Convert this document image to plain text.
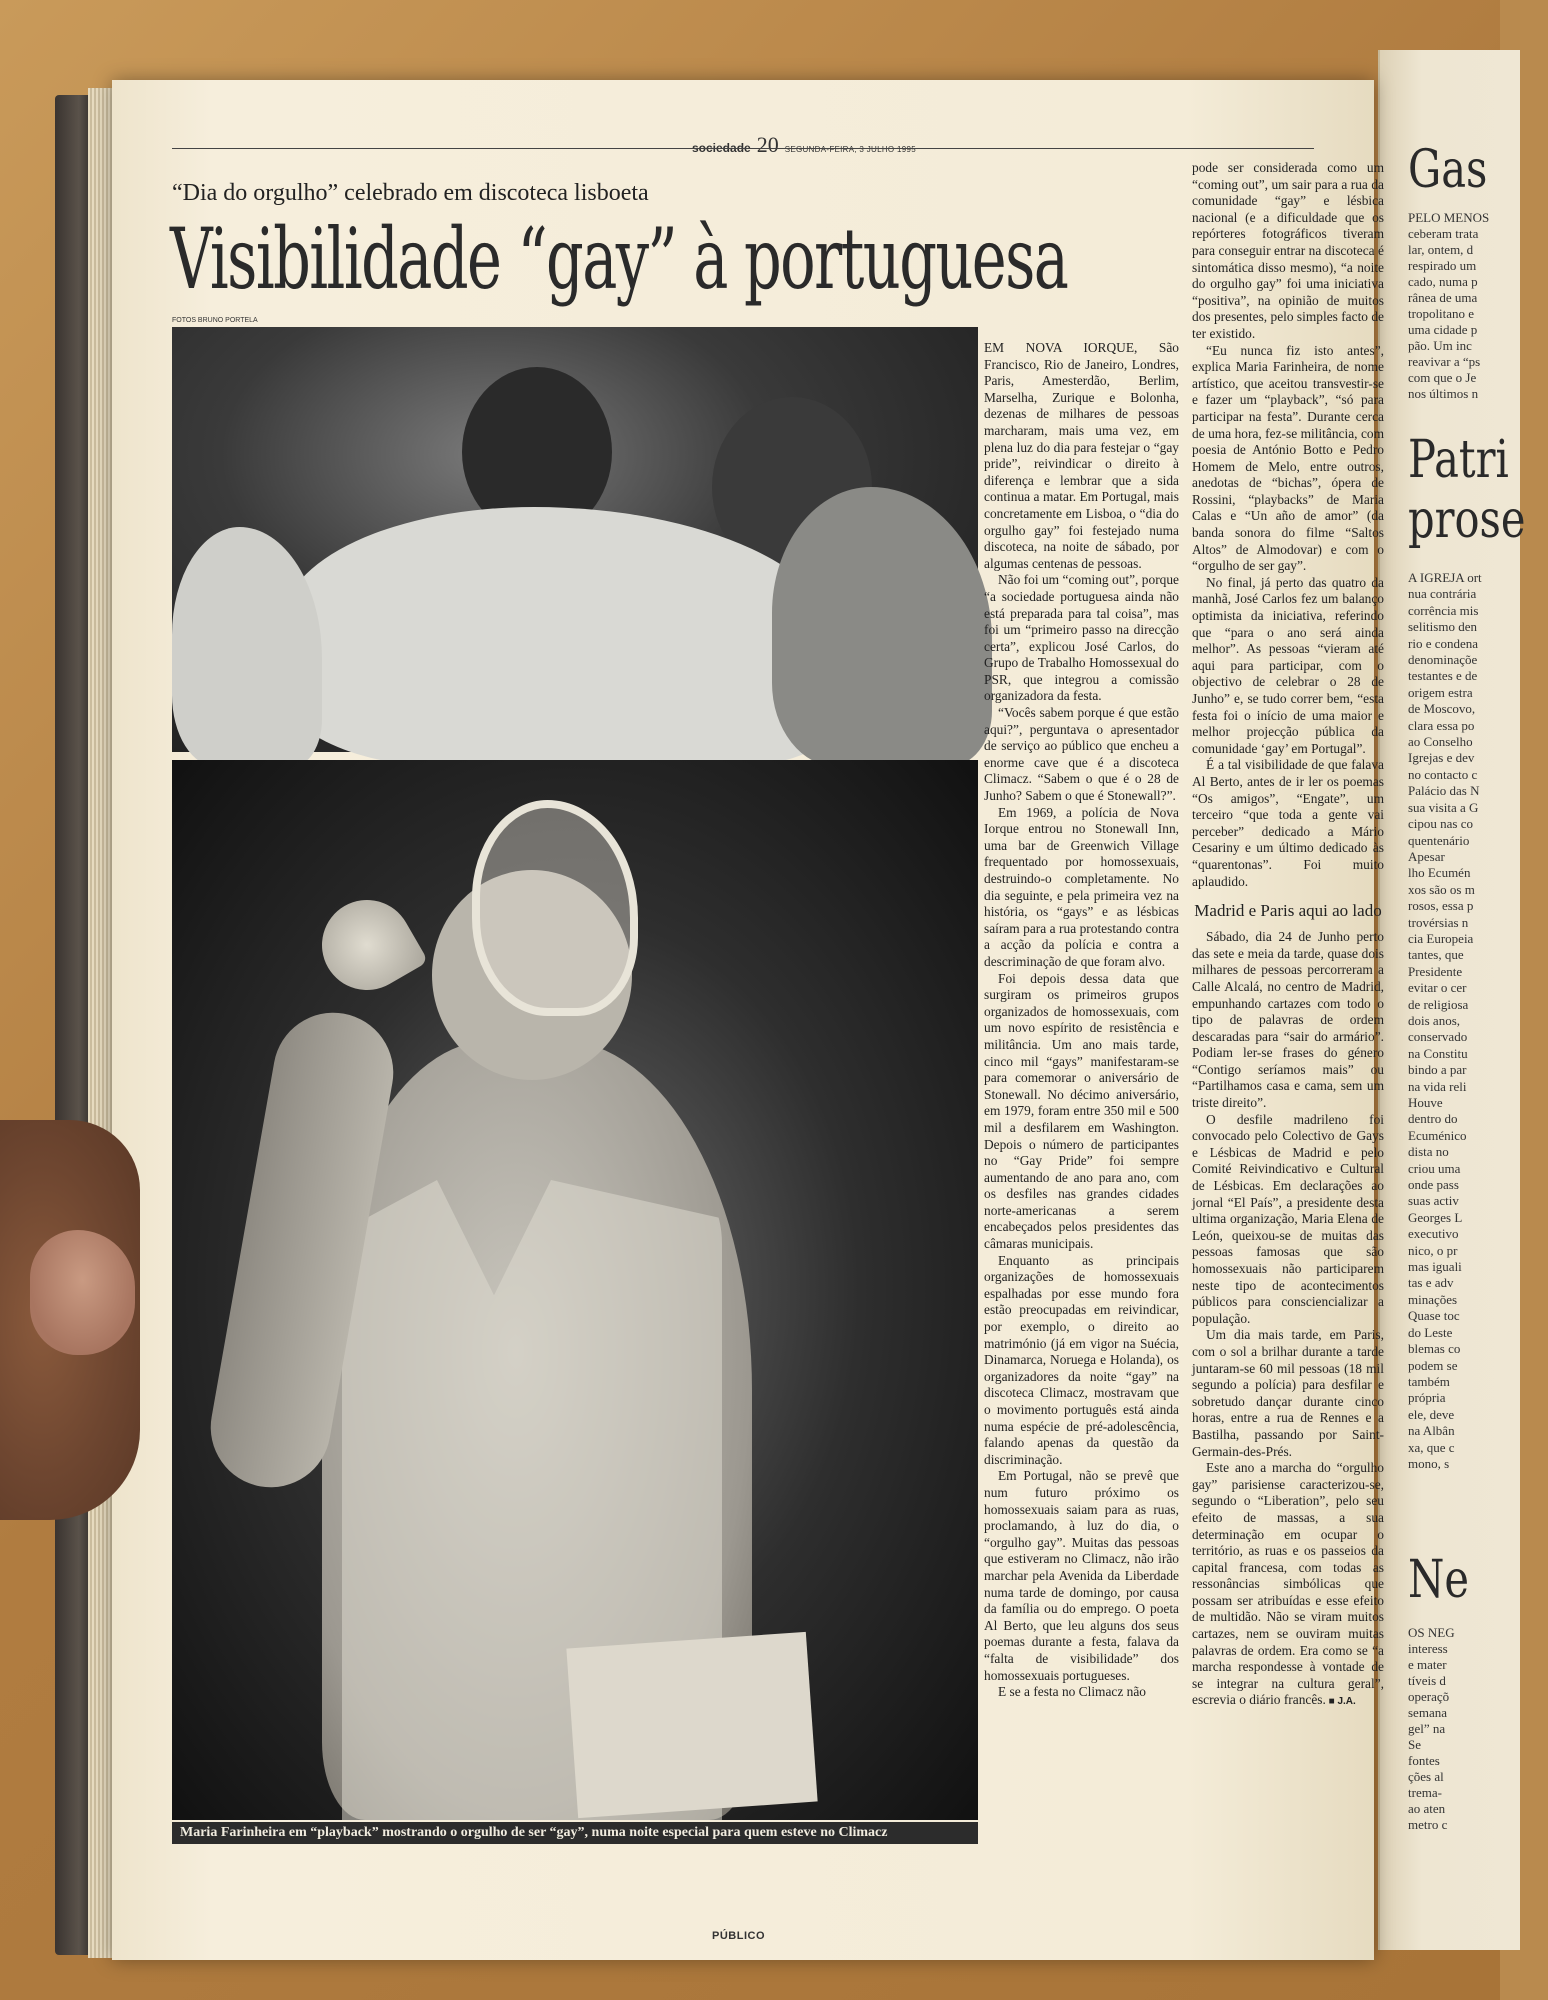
Gas
PELO MENOS
ceberam trata
lar, ontem, d
respirado um
cado, numa p
rânea de uma
tropolitano e
uma cidade p
pão. Um inc
reavivar a “ps
com que o Je
nos últimos n
Patri
prose
A IGREJA ort
nua contrária
corrência mis
selitismo den
rio e condena
denominaçõe
testantes e de
origem estra
de Moscovo,
clara essa po
ao Conselho
Igrejas e dev
no contacto c
Palácio das N
sua visita a G
cipou nas co
quentenário
Apesar
lho Ecumén
xos são os m
rosos, essa p
trovérsias n
cia Europeia
tantes, que
Presidente
evitar o cer
de religiosa
dois anos,
conservado
na Constitu
bindo a par
na vida reli
Houve
dentro do
Ecuménico
dista no
criou uma
onde pass
suas activ
Georges L
executivo
nico, o pr
mas iguali
tas e adv
minações
Quase toc
do Leste
blemas co
podem se
também
própria
ele, deve
na Albân
xa, que c
mono, s
Ne
OS NEG
interess
e mater
tíveis d
operaçõ
semana
gel” na
Se
fontes
ções al
trema-
ao aten
metro c
sociedade 20 SEGUNDA-FEIRA, 3 JULHO 1995
“Dia do orgulho” celebrado em discoteca lisboeta
Visibilidade “gay” à portuguesa
FOTOS BRUNO PORTELA
Maria Farinheira em “playback” mostrando o orgulho de ser “gay”, numa noite especial para quem esteve no Climacz

EM NOVA IORQUE, São Francisco, Rio de Janeiro, Londres, Paris, Amesterdão, Berlim, Marselha, Zurique e Bolonha, dezenas de milhares de pessoas marcharam, mais uma vez, em plena luz do dia para festejar o “gay pride”, reivindicar o direito à diferença e lembrar que a sida continua a matar. Em Portugal, mais concretamente em Lisboa, o “dia do orgulho gay” foi festejado numa discoteca, na noite de sábado, por algumas centenas de pessoas.

Não foi um “coming out”, porque “a sociedade portuguesa ainda não está preparada para tal coisa”, mas foi um “primeiro passo na direcção certa”, explicou José Carlos, do Grupo de Trabalho Homossexual do PSR, que integrou a comissão organizadora da festa.

“Vocês sabem porque é que estão aqui?”, perguntava o apresentador de serviço ao público que encheu a enorme cave que é a discoteca Climacz. “Sabem o que é o 28 de Junho? Sabem o que é Stonewall?”.

Em 1969, a polícia de Nova Iorque entrou no Stonewall Inn, uma bar de Greenwich Village frequentado por homossexuais, destruindo-o completamente. No dia seguinte, e pela primeira vez na história, os “gays” e as lésbicas saíram para a rua protestando contra a acção da polícia e contra a descriminação de que foram alvo.

Foi depois dessa data que surgiram os primeiros grupos organizados de homossexuais, com um novo espírito de resistência e militância. Um ano mais tarde, cinco mil “gays” manifestaram-se para comemorar o aniversário de Stonewall. No décimo aniversário, em 1979, foram entre 350 mil e 500 mil a desfilarem em Washington. Depois o número de participantes no “Gay Pride” foi sempre aumentando de ano para ano, com os desfiles nas grandes cidades norte-americanas a serem encabeçados pelos presidentes das câmaras municipais.

Enquanto as principais organizações de homossexuais espalhadas por esse mundo fora estão preocupadas em reivindicar, por exemplo, o direito ao matrimónio (já em vigor na Suécia, Dinamarca, Noruega e Holanda), os organizadores da noite “gay” na discoteca Climacz, mostravam que o movimento português está ainda numa espécie de pré-adolescência, falando apenas da questão da discriminação.

Em Portugal, não se prevê que num futuro próximo os homossexuais saiam para as ruas, proclamando, à luz do dia, o “orgulho gay”. Muitas das pessoas que estiveram no Climacz, não irão marchar pela Avenida da Liberdade numa tarde de domingo, por causa da família ou do emprego. O poeta Al Berto, que leu alguns dos seus poemas durante a festa, falava da “falta de visibilidade” dos homossexuais portugueses.

E se a festa no Climacz não

pode ser considerada como um “coming out”, um sair para a rua da comunidade “gay” e lésbica nacional (e a dificuldade que os repórteres fotográficos tiveram para conseguir entrar na discoteca é sintomática disso mesmo), “a noite do orgulho gay” foi uma iniciativa “positiva”, na opinião de muitos dos presentes, pelo simples facto de ter existido.

“Eu nunca fiz isto antes”, explica Maria Farinheira, de nome artístico, que aceitou transvestir-se e fazer um “playback”, “só para participar na festa”. Durante cerca de uma hora, fez-se militância, com poesia de António Botto e Pedro Homem de Melo, entre outros, anedotas de “bichas”, ópera de Rossini, “playbacks” de Maria Calas e “Un año de amor” (da banda sonora do filme “Saltos Altos” de Almodovar) e com o “orgulho de ser gay”.

No final, já perto das quatro da manhã, José Carlos fez um balanço optimista da iniciativa, referindo que “para o ano será ainda melhor”. As pessoas “vieram até aqui para participar, com o objectivo de celebrar o 28 de Junho” e, se tudo correr bem, “esta festa foi o início de uma maior e melhor projecção pública da comunidade ‘gay’ em Portugal”.

É a tal visibilidade de que falava Al Berto, antes de ir ler os poemas “Os amigos”, “Engate”, um terceiro “que toda a gente vai perceber” dedicado a Mário Cesariny e um último dedicado às “quarentonas”. Foi muito aplaudido.

Madrid e Paris aqui ao lado

Sábado, dia 24 de Junho perto das sete e meia da tarde, quase dois milhares de pessoas percorreram a Calle Alcalá, no centro de Madrid, empunhando cartazes com todo o tipo de palavras de ordem descaradas para “sair do armário”. Podiam ler-se frases do género “Contigo seríamos mais” ou “Partilhamos casa e cama, sem um triste direito”.

O desfile madrileno foi convocado pelo Colectivo de Gays e Lésbicas de Madrid e pelo Comité Reivindicativo e Cultural de Lésbicas. Em declarações ao jornal “El País”, a presidente desta ultima organização, Maria Elena de León, queixou-se de muitas das pessoas famosas que são homossexuais não participarem neste tipo de acontecimentos públicos para consciencializar a população.

Um dia mais tarde, em Paris, com o sol a brilhar durante a tarde juntaram-se 60 mil pessoas (18 mil segundo a polícia) para desfilar e sobretudo dançar durante cinco horas, entre a rua de Rennes e a Bastilha, passando por Saint-Germain-des-Prés.

Este ano a marcha do “orgulho gay” parisiense caracterizou-se, segundo o “Liberation”, pelo seu efeito de massas, a sua determinação em ocupar o território, as ruas e os passeios da capital francesa, com todas as ressonâncias simbólicas que possam ser atribuídas e esse efeito de multidão. Não se viram muitos cartazes, nem se ouviram muitas palavras de ordem. Era como se “a marcha respondesse à vontade de se integrar na cultura geral”, escrevia o diário francês. ■ J.A.

PÚBLICO
